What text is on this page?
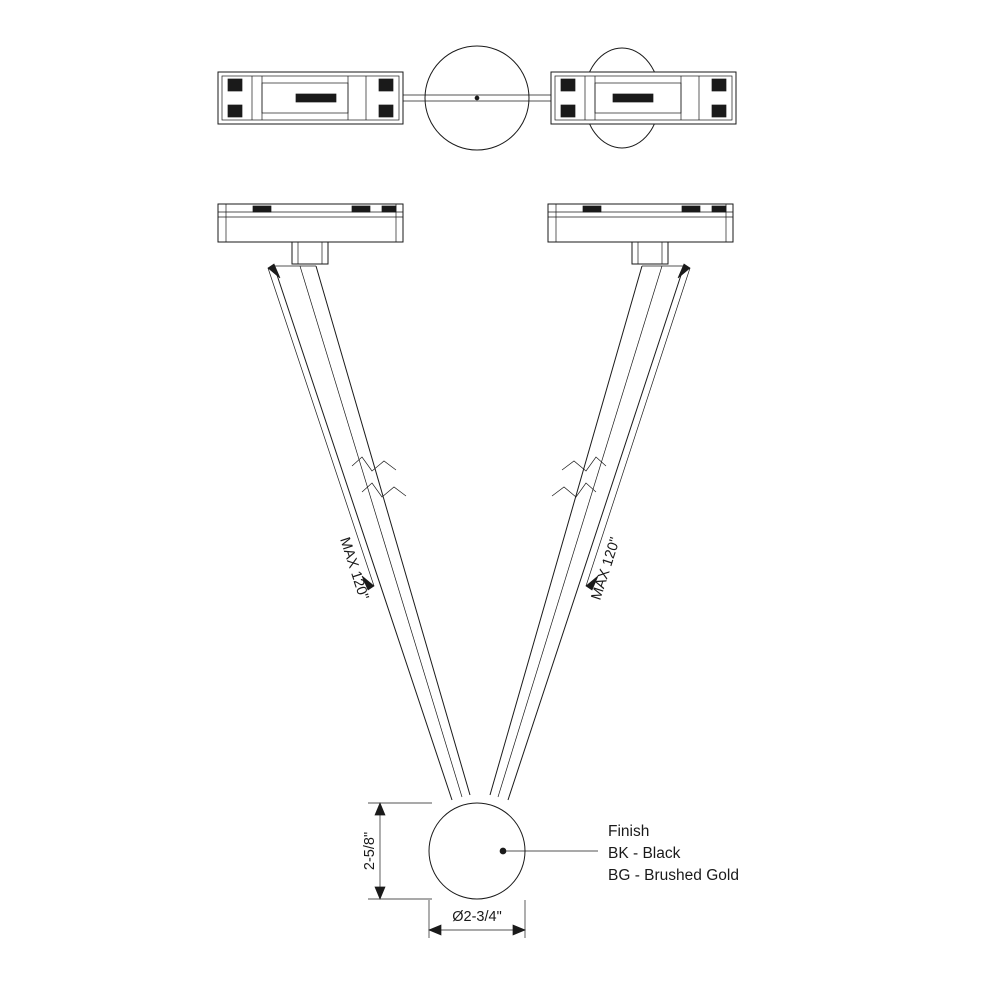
MAX 120"	MAX 120"
2-5/8"
Ø2-3/4"
Finish
BK - Black
BG - Brushed Gold
